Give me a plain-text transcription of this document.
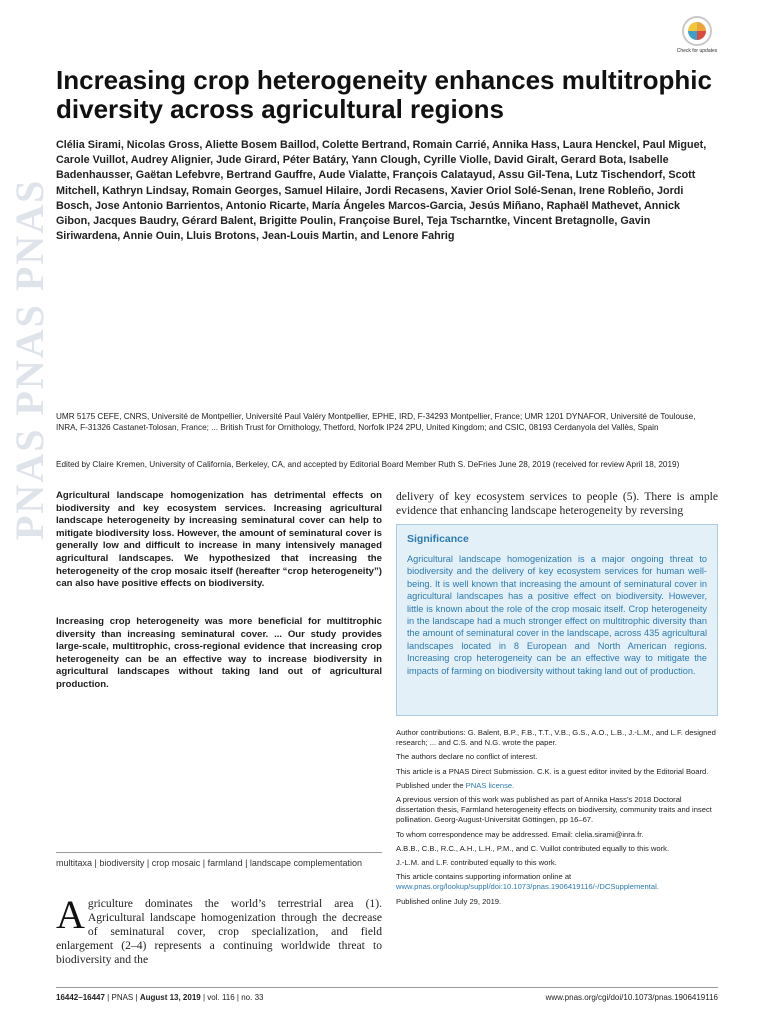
PNAS PNAS PNAS
Check for updates
Increasing crop heterogeneity enhances multitrophic diversity across agricultural regions

Clélia Sirami, Nicolas Gross, Aliette Bosem Baillod, Colette Bertrand, Romain Carrié, Annika Hass, Laura Henckel, Paul Miguet, Carole Vuillot, Audrey Alignier, Jude Girard, Péter Batáry, Yann Clough, Cyrille Violle, David Giralt, Gerard Bota, Isabelle Badenhausser, Gaëtan Lefebvre, Bertrand Gauffre, Aude Vialatte, François Calatayud, Assu Gil-Tena, Lutz Tischendorf, Scott Mitchell, Kathryn Lindsay, Romain Georges, Samuel Hilaire, Jordi Recasens, Xavier Oriol Solé-Senan, Irene Robleño, Jordi Bosch, Jose Antonio Barrientos, Antonio Ricarte, María Ángeles Marcos-Garcia, Jesús Miñano, Raphaël Mathevet, Annick Gibon, Jacques Baudry, Gérard Balent, Brigitte Poulin, Françoise Burel, Teja Tscharntke, Vincent Bretagnolle, Gavin Siriwardena, Annie Ouin, Lluis Brotons, Jean-Louis Martin, and Lenore Fahrig

UMR 5175 CEFE, CNRS, Université de Montpellier, Université Paul Valéry Montpellier, EPHE, IRD, F-34293 Montpellier, France; UMR 1201 DYNAFOR, Université de Toulouse, INRA, F-31326 Castanet-Tolosan, France; ... British Trust for Ornithology, Thetford, Norfolk IP24 2PU, United Kingdom; and CSIC, 08193 Cerdanyola del Vallès, Spain

Edited by Claire Kremen, University of California, Berkeley, CA, and accepted by Editorial Board Member Ruth S. DeFries June 28, 2019 (received for review April 18, 2019)

Agricultural landscape homogenization has detrimental effects on biodiversity and key ecosystem services. Increasing agricultural landscape heterogeneity by increasing seminatural cover can help to mitigate biodiversity loss. However, the amount of seminatural cover is generally low and difficult to increase in many intensively managed agricultural landscapes. We hypothesized that increasing the heterogeneity of the crop mosaic itself (hereafter “crop heterogeneity”) can also have positive effects on biodiversity.

Increasing crop heterogeneity was more beneficial for multitrophic diversity than increasing seminatural cover. ... Our study provides large-scale, multitrophic, cross-regional evidence that increasing crop heterogeneity can be an effective way to increase biodiversity in agricultural landscapes without taking land out of agricultural production.

multitaxa | biodiversity | crop mosaic | farmland | landscape complementation

Agriculture dominates the world’s terrestrial area (1). Agricultural landscape homogenization through the decrease of seminatural cover, crop specialization, and field enlargement (2–4) represents a continuing worldwide threat to biodiversity and the

delivery of key ecosystem services to people (5). There is ample evidence that enhancing landscape heterogeneity by reversing

Significance

Agricultural landscape homogenization is a major ongoing threat to biodiversity and the delivery of key ecosystem services for human well-being. It is well known that increasing the amount of seminatural cover in agricultural landscapes has a positive effect on biodiversity. However, little is known about the role of the crop mosaic itself. Crop heterogeneity in the landscape had a much stronger effect on multitrophic diversity than the amount of seminatural cover in the landscape, across 435 agricultural landscapes located in 8 European and North American regions. Increasing crop heterogeneity can be an effective way to mitigate the impacts of farming on biodiversity without taking land out of production.

Author contributions: G. Balent, B.P., F.B., T.T., V.B., G.S., A.O., L.B., J.-L.M., and L.F. designed research; ... and C.S. and N.G. wrote the paper.

The authors declare no conflict of interest.

This article is a PNAS Direct Submission. C.K. is a guest editor invited by the Editorial Board.

Published under the PNAS license.

A previous version of this work was published as part of Annika Hass’s 2018 Doctoral dissertation thesis, Farmland heterogeneity effects on biodiversity, community traits and insect pollination. Georg-August-Universität Göttingen, pp 16–67.

To whom correspondence may be addressed. Email: clelia.sirami@inra.fr.

A.B.B., C.B., R.C., A.H., L.H., P.M., and C. Vuillot contributed equally to this work.

J.-L.M. and L.F. contributed equally to this work.

This article contains supporting information online at www.pnas.org/lookup/suppl/doi:10.1073/pnas.1906419116/-/DCSupplemental.

Published online July 29, 2019.

16442–16447 | PNAS | August 13, 2019 | vol. 116 | no. 33	www.pnas.org/cgi/doi/10.1073/pnas.1906419116
